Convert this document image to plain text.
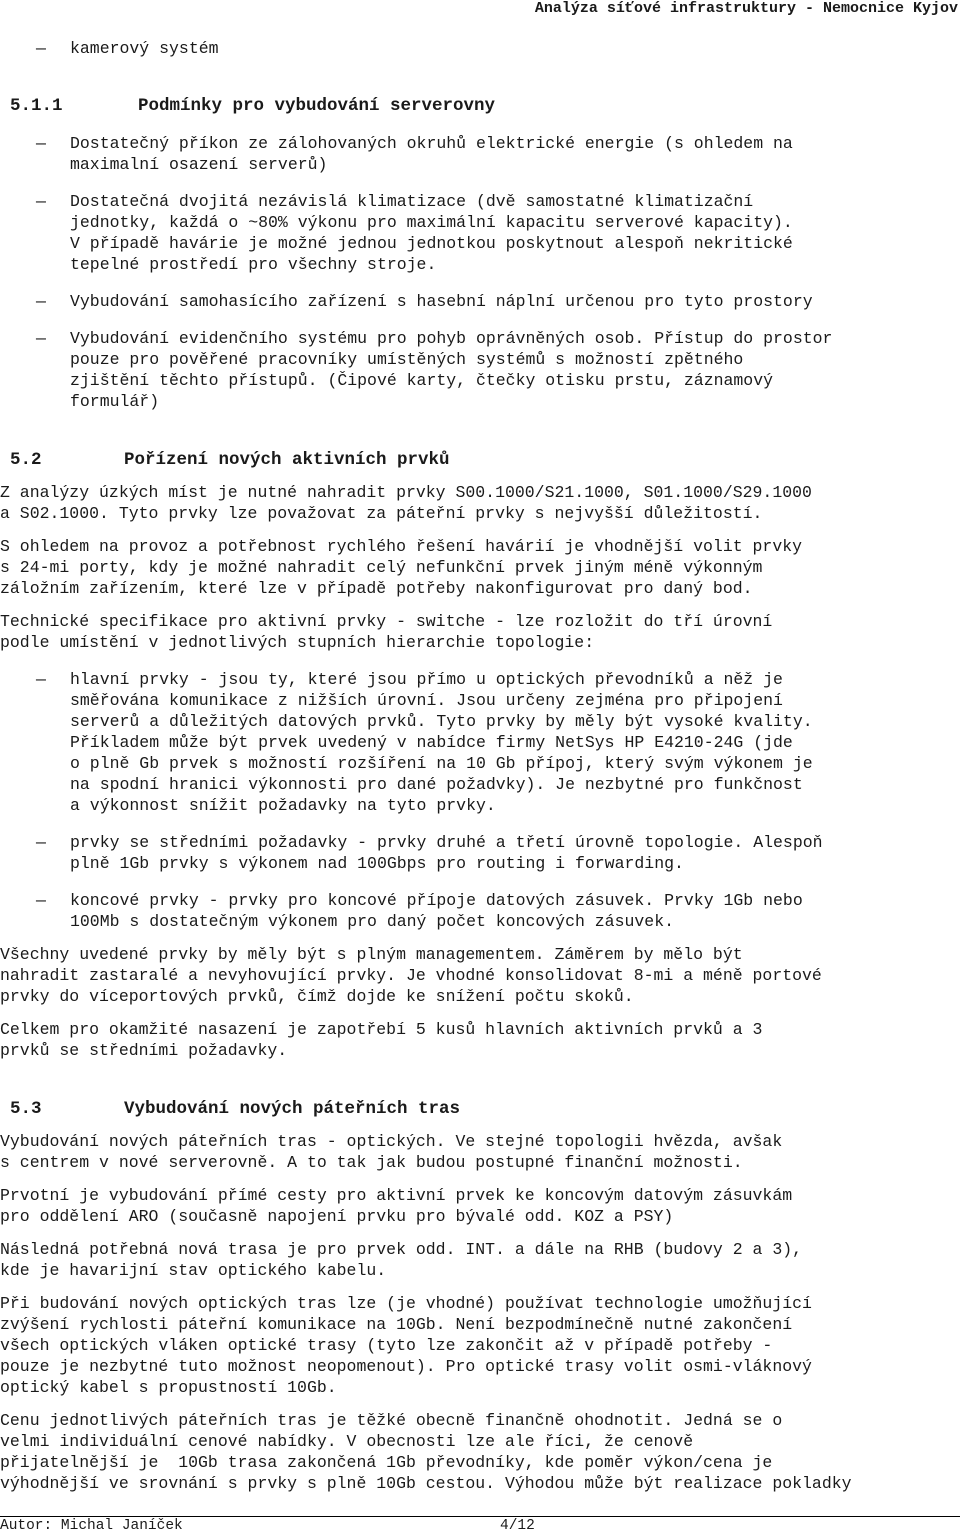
Analýza síťové infrastruktury - Nemocnice Kyjov
— kamerový systém
— Dostatečný příkon ze zálohovaných okruhů elektrické energie (s ohledem na
maximalní osazení serverů)
— Dostatečná dvojitá nezávislá klimatizace (dvě samostatné klimatizační
jednotky, každá o ~80% výkonu pro maximální kapacitu serverové kapacity).
V případě havárie je možné jednou jednotkou poskytnout alespoň nekritické
tepelné prostředí pro všechny stroje.
— Vybudování samohasícího zařízení s hasební náplní určenou pro tyto prostory
— Vybudování evidenčního systému pro pohyb oprávněných osob. Přístup do prostor
pouze pro pověřené pracovníky umístěných systémů s možností zpětného
zjištění těchto přístupů. (Čipové karty, čtečky otisku prstu, záznamový
formulář)
Z analýzy úzkých míst je nutné nahradit prvky S00.1000/S21.1000, S01.1000/S29.1000
a S02.1000. Tyto prvky lze považovat za páteřní prvky s nejvyšší důležitostí.
S ohledem na provoz a potřebnost rychlého řešení havárií je vhodnější volit prvky
s 24-mi porty, kdy je možné nahradit celý nefunkční prvek jiným méně výkonným
záložním zařízením, které lze v případě potřeby nakonfigurovat pro daný bod.
Technické specifikace pro aktivní prvky - switche - lze rozložit do tří úrovní
podle umístění v jednotlivých stupních hierarchie topologie:
— hlavní prvky - jsou ty, které jsou přímo u optických převodníků a něž je
směřována komunikace z nižších úrovní. Jsou určeny zejména pro připojení
serverů a důležitých datových prvků. Tyto prvky by měly být vysoké kvality.
Příkladem může být prvek uvedený v nabídce firmy NetSys HP E4210-24G (jde
o plně Gb prvek s možností rozšíření na 10 Gb přípoj, který svým výkonem je
na spodní hranici výkonnosti pro dané požadvky). Je nezbytné pro funkčnost
a výkonnost snížit požadavky na tyto prvky.
— prvky se středními požadavky - prvky druhé a třetí úrovně topologie. Alespoň
plně 1Gb prvky s výkonem nad 100Gbps pro routing i forwarding.
— koncové prvky - prvky pro koncové přípoje datových zásuvek. Prvky 1Gb nebo
100Mb s dostatečným výkonem pro daný počet koncových zásuvek.
Všechny uvedené prvky by měly být s plným managementem. Záměrem by mělo být
nahradit zastaralé a nevyhovující prvky. Je vhodné konsolidovat 8-mi a méně portové
prvky do víceportových prvků, čímž dojde ke snížení počtu skoků.
Celkem pro okamžité nasazení je zapotřebí 5 kusů hlavních aktivních prvků a 3
prvků se středními požadavky.
Vybudování nových páteřních tras - optických. Ve stejné topologii hvězda, avšak
s centrem v nové serverovně. A to tak jak budou postupné finanční možnosti.
Prvotní je vybudování přímé cesty pro aktivní prvek ke koncovým datovým zásuvkám
pro oddělení ARO (současně napojení prvku pro bývalé odd. KOZ a PSY)
Následná potřebná nová trasa je pro prvek odd. INT. a dále na RHB (budovy 2 a 3),
kde je havarijní stav optického kabelu.
Při budování nových optických tras lze (je vhodné) používat technologie umožňující
zvýšení rychlosti páteřní komunikace na 10Gb. Není bezpodmínečně nutné zakončení
všech optických vláken optické trasy (tyto lze zakončit až v případě potřeby -
pouze je nezbytné tuto možnost neopomenout). Pro optické trasy volit osmi-vláknový
optický kabel s propustností 10Gb.
Cenu jednotlivých páteřních tras je těžké obecně finančně ohodnotit. Jedná se o
velmi individuální cenové nabídky. V obecnosti lze ale říci, že cenově
přijatelnější je  10Gb trasa zakončená 1Gb převodníky, kde poměr výkon/cena je
výhodnější ve srovnání s prvky s plně 10Gb cestou. Výhodou může být realizace pokladky
5.1.1	Podmínky pro vybudování serverovny
5.2	Pořízení nových aktivních prvků
5.3	Vybudování nových páteřních tras
Autor: Michal Janíček	4/12
